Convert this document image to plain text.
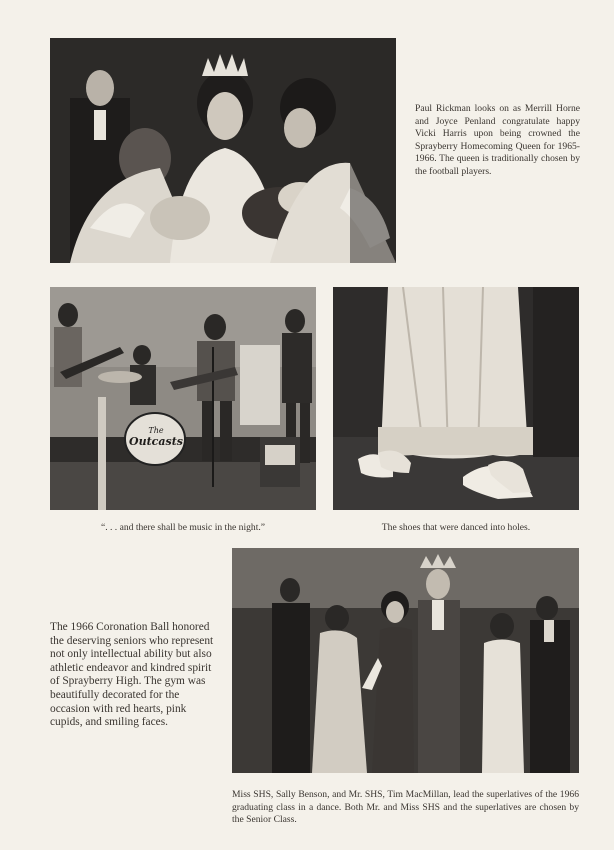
Paul Rickman looks on as Merrill Horne and Joyce Penland congratulate happy Vicki Harris upon being crowned the Sprayberry Homecoming Queen for 1965-1966. The queen is traditionally chosen by the football players.
The
Outcasts
“. . . and there shall be music in the night.”	The shoes that were danced into holes.
The 1966 Coronation Ball honored the deserving seniors who represent not only intellectual ability but also athletic endeavor and kindred spirit of Sprayberry High. The gym was beautifully decorated for the occasion with red hearts, pink cupids, and smiling faces.
Miss SHS, Sally Benson, and Mr. SHS, Tim MacMillan, lead the superlatives of the 1966 graduating class in a dance. Both Mr. and Miss SHS and the superlatives are chosen by the Senior Class.
